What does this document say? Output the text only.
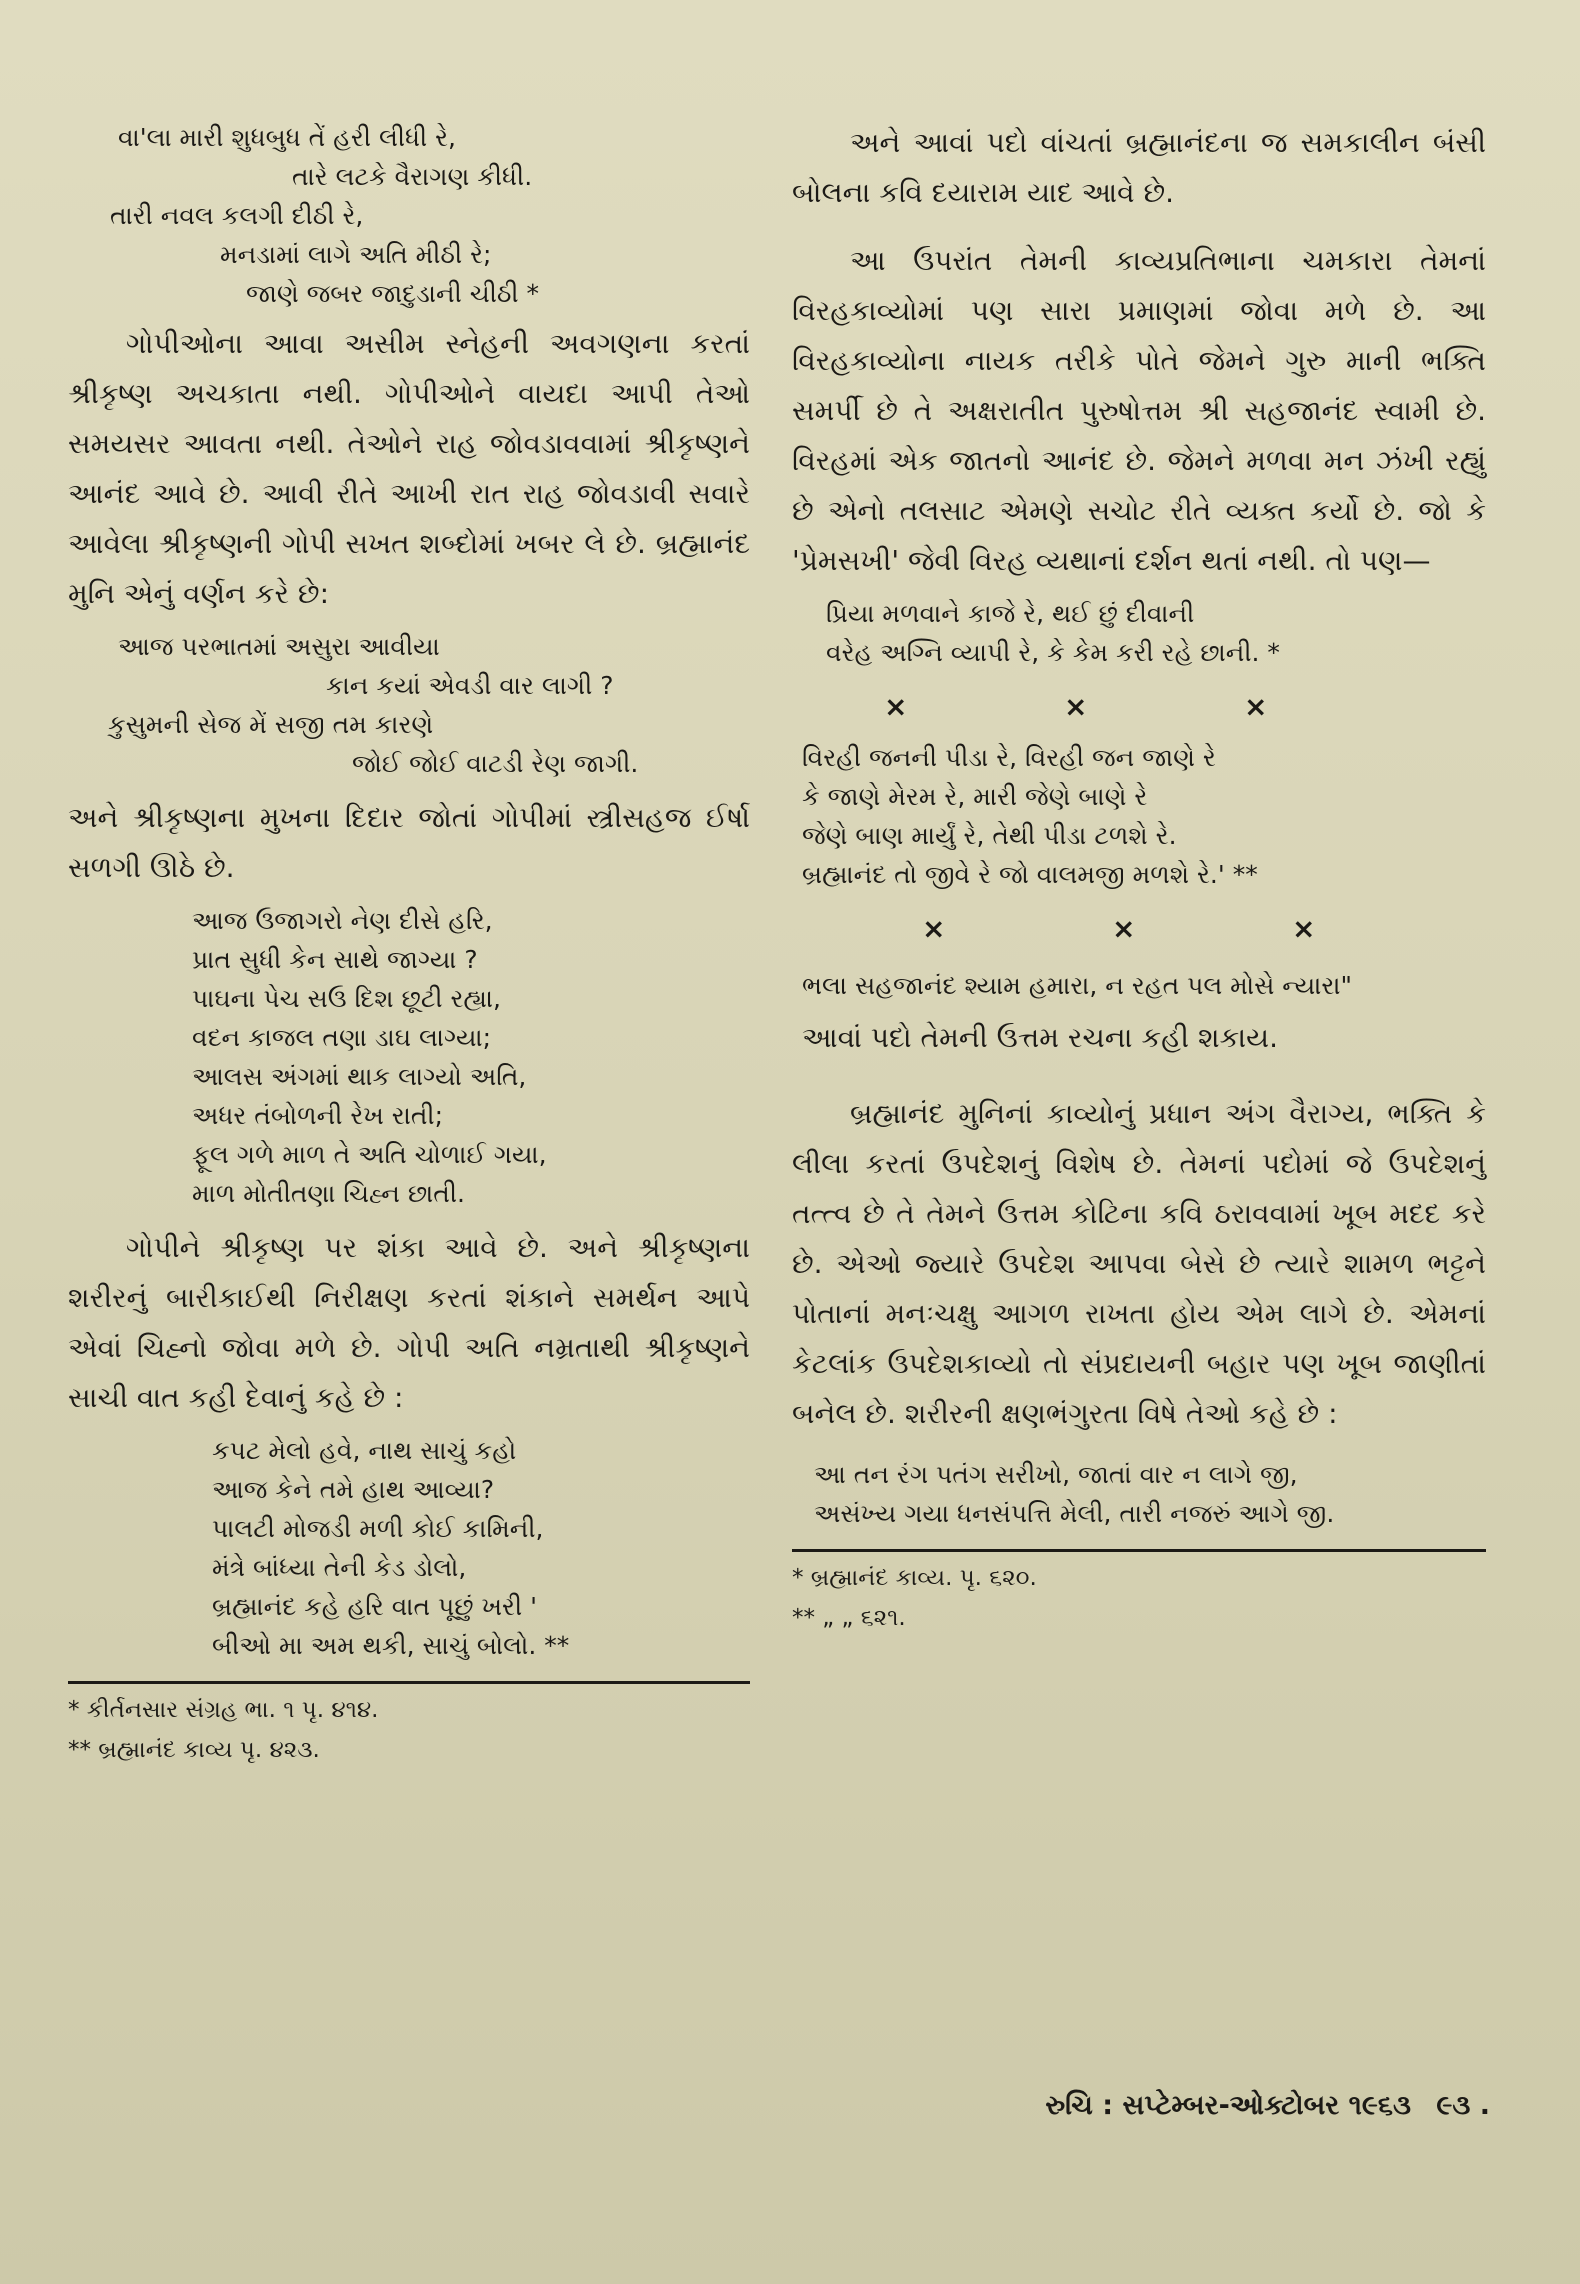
વા'લા મારી શુધબુધ તેં હરી લીધી રે,

તારે લટકે વૈરાગણ કીધી.

તારી નવલ કલગી દીઠી રે,

મનડામાં લાગે અતિ મીઠી રે;

જાણે જબર જાદુડાની ચીઠી *

ગોપીઓના આવા અસીમ સ્નેહની અવગણના કરતાં શ્રીકૃષ્ણ અચકાતા નથી. ગોપીઓને વાયદા આપી તેઓ સમયસર આવતા નથી. તેઓને રાહ જોવડાવવામાં શ્રીકૃષ્ણને આનંદ આવે છે. આવી રીતે આખી રાત રાહ જોવડાવી સવારે આવેલા શ્રીકૃષ્ણની ગોપી સખત શબ્દોમાં ખબર લે છે. બ્રહ્માનંદ મુનિ એનું વર્ણન કરે છે:

આજ પરભાતમાં અસુરા આવીયા

કાન કયાં એવડી વાર લાગી ?

કુસુમની સેજ મેં સજી તમ કારણે

જોઈ જોઈ વાટડી રેણ જાગી.

અને શ્રીકૃષ્ણના મુખના દિદાર જોતાં ગોપીમાં સ્ત્રીસહજ ઈર્ષા સળગી ઊઠે છે.

આજ ઉજાગરો નેણ દીસે હરિ,

પ્રાત સુધી કેન સાથે જાગ્યા ?

પાઘના પેચ સઉ દિશ છૂટી રહ્યા,

વદન કાજલ તણા ડાઘ લાગ્યા;

આલસ અંગમાં થાક લાગ્યો અતિ,

અધર તંબોળની રેખ રાતી;

ફૂલ ગળે માળ તે અતિ ચોળાઈ ગયા,

માળ મોતીતણા ચિહ્ન છાતી.

ગોપીને શ્રીકૃષ્ણ પર શંકા આવે છે. અને શ્રીકૃષ્ણના શરીરનું બારીકાઈથી નિરીક્ષણ કરતાં શંકાને સમર્થન આપે એવાં ચિહ્નો જોવા મળે છે. ગોપી અતિ નમ્રતાથી શ્રીકૃષ્ણને સાચી વાત કહી દેવાનું કહે છે :

કપટ મેલો હવે, નાથ સાચું કહો

આજ કેને તમે હાથ આવ્યા?

પાલટી મોજડી મળી કોઈ કામિની,

મંત્રે બાંધ્યા તેની કેડ ડોલો,

બ્રહ્માનંદ કહે હરિ વાત પૂછું ખરી '

બીઓ મા અમ થકી, સાચું બોલો. **

* કીર્તનસાર સંગ્રહ ભા. ૧ પૃ. ૪૧૪.

** બ્રહ્માનંદ કાવ્ય પૃ. ૪૨૩.

અને આવાં પદો વાંચતાં બ્રહ્માનંદના જ સમકાલીન બંસી બોલના કવિ દયારામ યાદ આવે છે.

આ ઉપરાંત તેમની કાવ્યપ્રતિભાના ચમકારા તેમનાં વિરહકાવ્યોમાં પણ સારા પ્રમાણમાં જોવા મળે છે. આ વિરહકાવ્યોના નાયક તરીકે પોતે જેમને ગુરુ માની ભક્તિ સમર્પી છે તે અક્ષરાતીત પુરુષોત્તમ શ્રી સહજાનંદ સ્વામી છે. વિરહમાં એક જાતનો આનંદ છે. જેમને મળવા મન ઝંખી રહ્યું છે એનો તલસાટ એમણે સચોટ રીતે વ્યક્ત કર્યો છે. જો કે 'પ્રેમસખી' જેવી વિરહ વ્યથાનાં દર્શન થતાં નથી. તો પણ—

પ્રિયા મળવાને કાજે રે, થઈ છું દીવાની

વરેહ અગ્નિ વ્યાપી રે, કે કેમ કરી રહે છાની. *

×	×	×

વિરહી જનની પીડા રે, વિરહી જન જાણે રે

કે જાણે મેરમ રે, મારી જેણે બાણે રે

જેણે બાણ માર્યું રે, તેથી પીડા ટળશે રે.

બ્રહ્માનંદ તો જીવે રે જો વાલમજી મળશે રે.' **

×	×	×

ભલા સહજાનંદ શ્યામ હમારા, ન રહત પલ મોસે ન્યારા"

આવાં પદો તેમની ઉત્તમ રચના કહી શકાય.

બ્રહ્માનંદ મુનિનાં કાવ્યોનું પ્રધાન અંગ વૈરાગ્ય, ભક્તિ કે લીલા કરતાં ઉપદેશનું વિશેષ છે. તેમનાં પદોમાં જે ઉપદેશનું તત્ત્વ છે તે તેમને ઉત્તમ કોટિના કવિ ઠરાવવામાં ખૂબ મદદ કરે છે. એઓ જ્યારે ઉપદેશ આપવા બેસે છે ત્યારે શામળ ભટ્ટને પોતાનાં મનઃચક્ષુ આગળ રાખતા હોય એમ લાગે છે. એમનાં કેટલાંક ઉપદેશકાવ્યો તો સંપ્રદાયની બહાર પણ ખૂબ જાણીતાં બનેલ છે. શરીરની ક્ષણભંગુરતા વિષે તેઓ કહે છે :

આ તન રંગ પતંગ સરીખો, જાતાં વાર ન લાગે જી,

અસંખ્ય ગયા ધનસંપત્તિ મેલી, તારી નજરું આગે જી.

* બ્રહ્માનંદ કાવ્ય. પૃ. ૬૨૦.

** „ „ ૬૨૧.

રુચિ : સપ્ટેમ્બર-ઓક્ટોબર ૧૯૬૩ ૯૩ .
